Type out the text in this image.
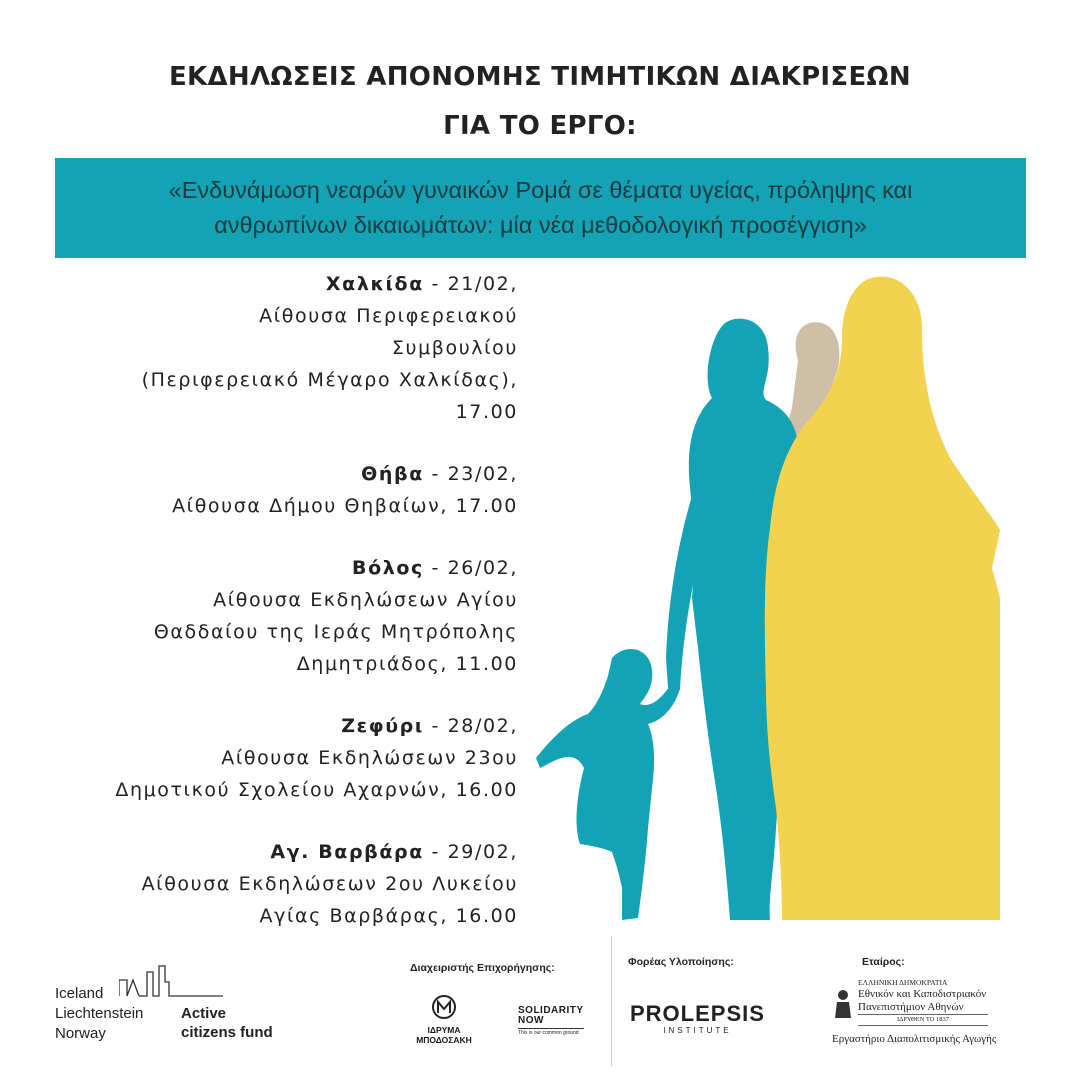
ΕΚΔΗΛΩΣΕΙΣ ΑΠΟΝΟΜΗΣ ΤΙΜΗΤΙΚΩΝ ΔΙΑΚΡΙΣΕΩΝ
ΓΙΑ ΤΟ ΕΡΓΟ:
«Ενδυνάμωση νεαρών γυναικών Ρομά σε θέματα υγείας, πρόληψης και
ανθρωπίνων δικαιωμάτων: μία νέα μεθοδολογική προσέγγιση»
Χαλκίδα - 21/02,
Αίθουσα Περιφερειακού
Συμβουλίου
(Περιφερειακό Μέγαρο Χαλκίδας),
17.00
Θήβα - 23/02,
Αίθουσα Δήμου Θηβαίων, 17.00
Βόλος - 26/02,
Αίθουσα Εκδηλώσεων Αγίου
Θαδδαίου της Ιεράς Μητρόπολης
Δημητριάδος, 11.00
Ζεφύρι - 28/02,
Αίθουσα Εκδηλώσεων 23ου
Δημοτικού Σχολείου Αχαρνών, 16.00
Αγ. Βαρβάρα - 29/02,
Αίθουσα Εκδηλώσεων 2ου Λυκείου
Αγίας Βαρβάρας, 16.00
Iceland
Liechtenstein
Norway
Active
citizens fund
Διαχειριστής Επιχορήγησης:
ΙΔΡΥΜΑ
ΜΠΟΔΟΣΑΚΗ
SOLIDARITY
NOW
This is our common ground
Φορέας Υλοποίησης:
PROLEPSIS
INSTITUTE
Εταίρος:
ΕΛΛΗΝΙΚΗ ΔΗΜΟΚΡΑΤΙΑ
Εθνικόν και Καποδιστριακόν
Πανεπιστήμιον Αθηνών
ΙΔΡΥΘΕΝ ΤΟ 1837
Εργαστήριο Διαπολιτισμικής Αγωγής
